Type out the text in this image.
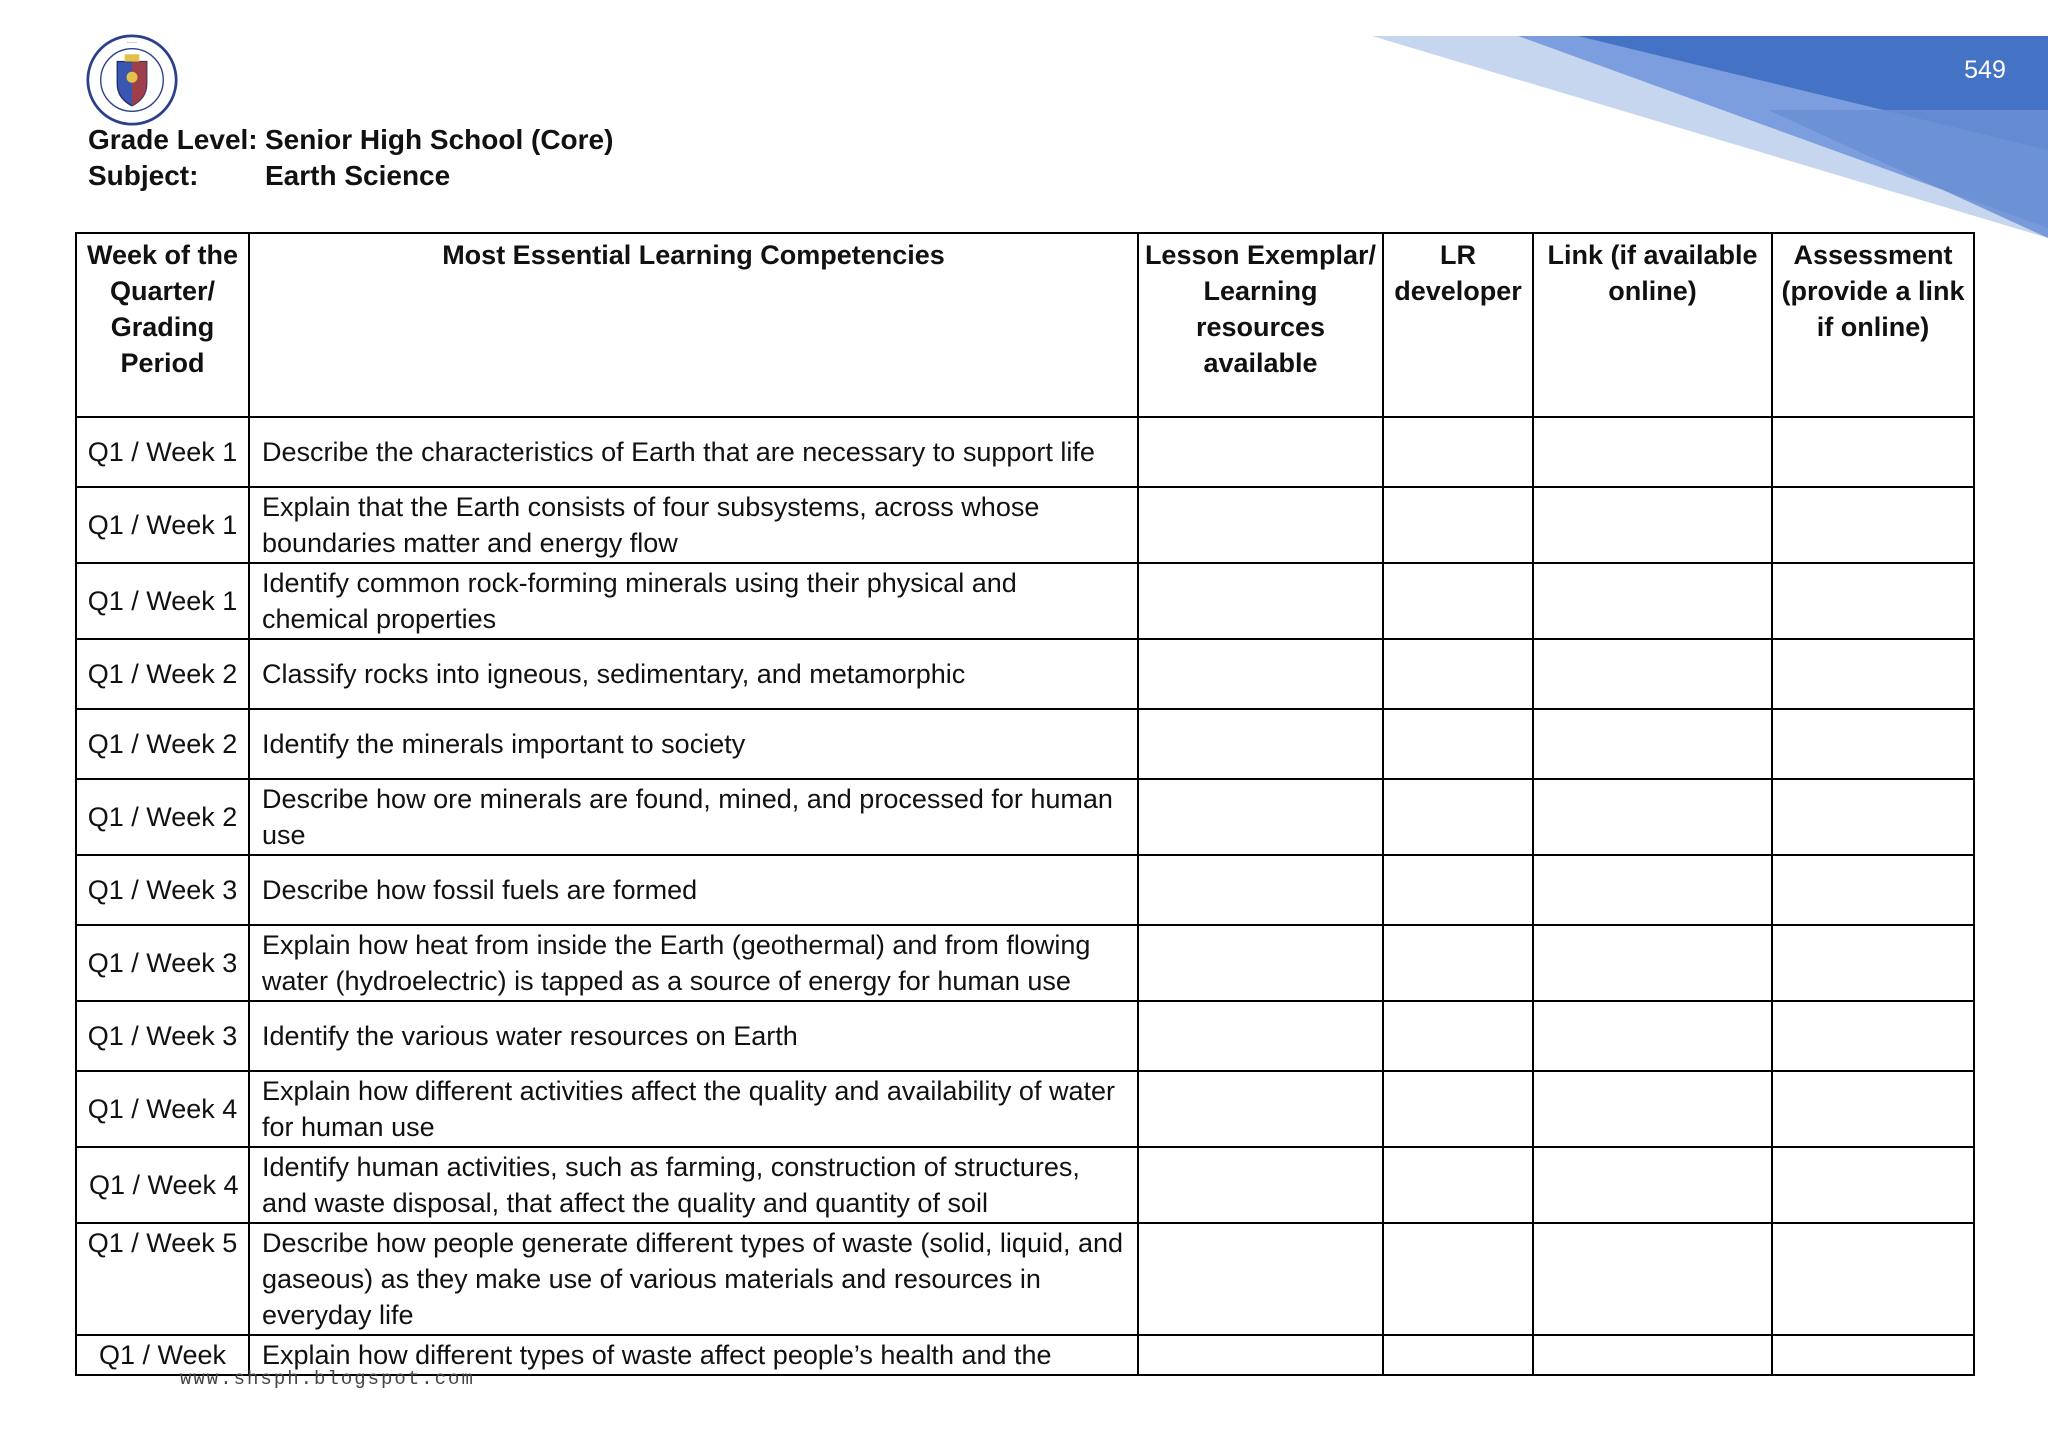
549
·····
Grade Level: Senior High School (Core)
Subject:	Earth Science
Week of the Quarter/ Grading Period	Most Essential Learning Competencies	Lesson Exemplar/ Learning resources available	LR developer	Link (if available online)	Assessment (provide a link if online)
Q1 / Week 1	Describe the characteristics of Earth that are necessary to support life				
Q1 / Week 1	Explain that the Earth consists of four subsystems, across whose boundaries matter and energy flow				
Q1 / Week 1	Identify common rock-forming minerals using their physical and chemical properties				
Q1 / Week 2	Classify rocks into igneous, sedimentary, and metamorphic				
Q1 / Week 2	Identify the minerals important to society				
Q1 / Week 2	Describe how ore minerals are found, mined, and processed for human use				
Q1 / Week 3	Describe how fossil fuels are formed				
Q1 / Week 3	Explain how heat from inside the Earth (geothermal) and from flowing water (hydroelectric) is tapped as a source of energy for human use				
Q1 / Week 3	Identify the various water resources on Earth				
Q1 / Week 4	Explain how different activities affect the quality and availability of water for human use				
Q1 / Week 4	Identify human activities, such as farming, construction of structures, and waste disposal, that affect the quality and quantity of soil				
Q1 / Week 5	Describe how people generate different types of waste (solid, liquid, and gaseous) as they make use of various materials and resources in everyday life				
Q1 / Week	Explain how different types of waste affect people’s health and the				
www.shsph.blogspot.com
